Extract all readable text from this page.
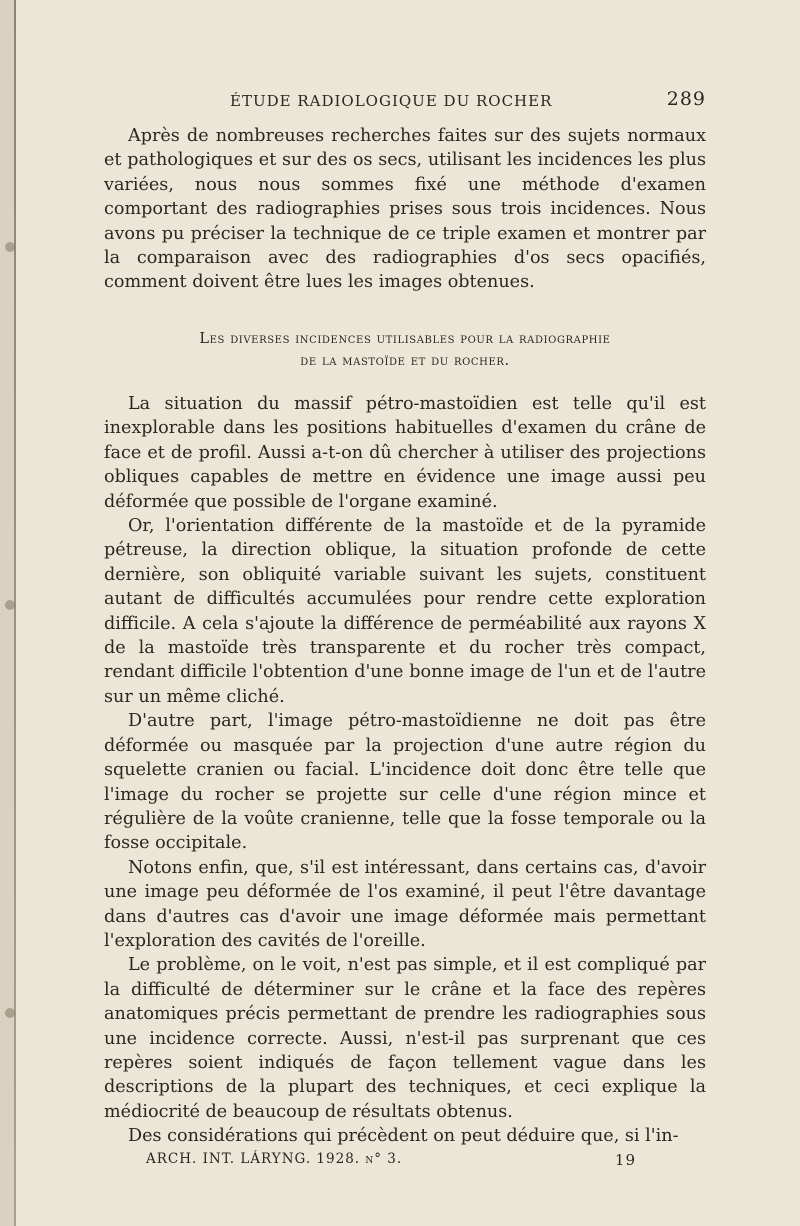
ÉTUDE RADIOLOGIQUE DU ROCHER	289

Après de nombreuses recherches faites sur des sujets normaux et pathologiques et sur des os secs, utilisant les incidences les plus variées, nous nous sommes fixé une méthode d'examen comportant des radiographies prises sous trois incidences. Nous avons pu préciser la technique de ce triple examen et montrer par la comparaison avec des radiographies d'os secs opacifiés, comment doivent être lues les images obtenues.

Les diverses incidences utilisables pour la radiographie
de la mastoïde et du rocher.

La situation du massif pétro-mastoïdien est telle qu'il est inexplorable dans les positions habituelles d'examen du crâne de face et de profil. Aussi a-t-on dû chercher à utiliser des projections obliques capables de mettre en évidence une image aussi peu déformée que possible de l'organe examiné.

Or, l'orientation différente de la mastoïde et de la pyramide pétreuse, la direction oblique, la situation profonde de cette dernière, son obliquité variable suivant les sujets, constituent autant de difficultés accumulées pour rendre cette exploration difficile. A cela s'ajoute la différence de perméabilité aux rayons X de la mastoïde très transparente et du rocher très compact, rendant difficile l'obtention d'une bonne image de l'un et de l'autre sur un même cliché.

D'autre part, l'image pétro-mastoïdienne ne doit pas être déformée ou masquée par la projection d'une autre région du squelette cranien ou facial. L'incidence doit donc être telle que l'image du rocher se projette sur celle d'une région mince et régulière de la voûte cranienne, telle que la fosse temporale ou la fosse occipitale.

Notons enfin, que, s'il est intéressant, dans certains cas, d'avoir une image peu déformée de l'os examiné, il peut l'être davantage dans d'autres cas d'avoir une image déformée mais permettant l'exploration des cavités de l'oreille.

Le problème, on le voit, n'est pas simple, et il est compliqué par la difficulté de déterminer sur le crâne et la face des repères anatomiques précis permettant de prendre les radiographies sous une incidence correcte. Aussi, n'est-il pas surprenant que ces repères soient indiqués de façon tellement vague dans les descriptions de la plupart des techniques, et ceci explique la médiocrité de beaucoup de résultats obtenus.

Des considérations qui précèdent on peut déduire que, si l'in-

ARCH. INT. LÁRYNG. 1928. n° 3.	19
